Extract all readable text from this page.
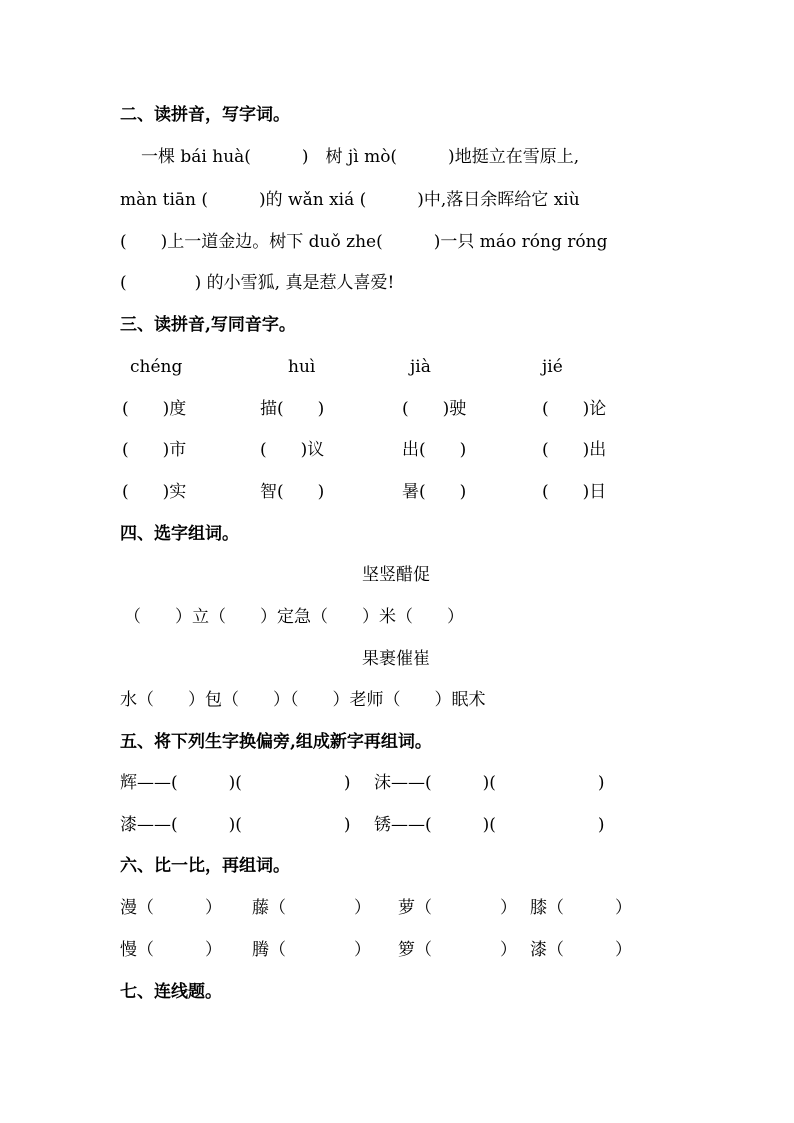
二、读拼音，写字词。
　一棵 bái huà(　　　)　树 jì mò(　　　)地挺立在雪原上,
màn tiān (　　　)的 wǎn xiá (　　　)中,落日余晖给它 xiù
(　　)上一道金边。树下 duǒ zhe(　　　)一只 máo róng róng
(　　　　) 的小雪狐, 真是惹人喜爱!
三、读拼音,写同音字。
chéng	huì	jià	jié
(　　)度	描(　　)	(　　)驶	(　　)论
(　　)市	(　　)议	出(　　)	(　　)出
(　　)实	智(　　)	暑(　　)	(　　)日
四、选字组词。
坚竖醋促
（　　）立（　　）定急（　　）米（　　）
果裹催崔
水（　　）包（　　）（　　）老师（　　）眠术
五、将下列生字换偏旁,组成新字再组词。
辉——(　　　)(　　　　　　) 沫——(　　　)(　　　　　　)
漆——(　　　)(　　　　　　) 锈——(　　　)(　　　　　　)
六、比一比，再组词。
漫（　　　） 藤（　　　　） 萝（　　　　） 膝（　　　）
慢（　　　） 腾（　　　　） 箩（　　　　） 漆（　　　）
七、连线题。
